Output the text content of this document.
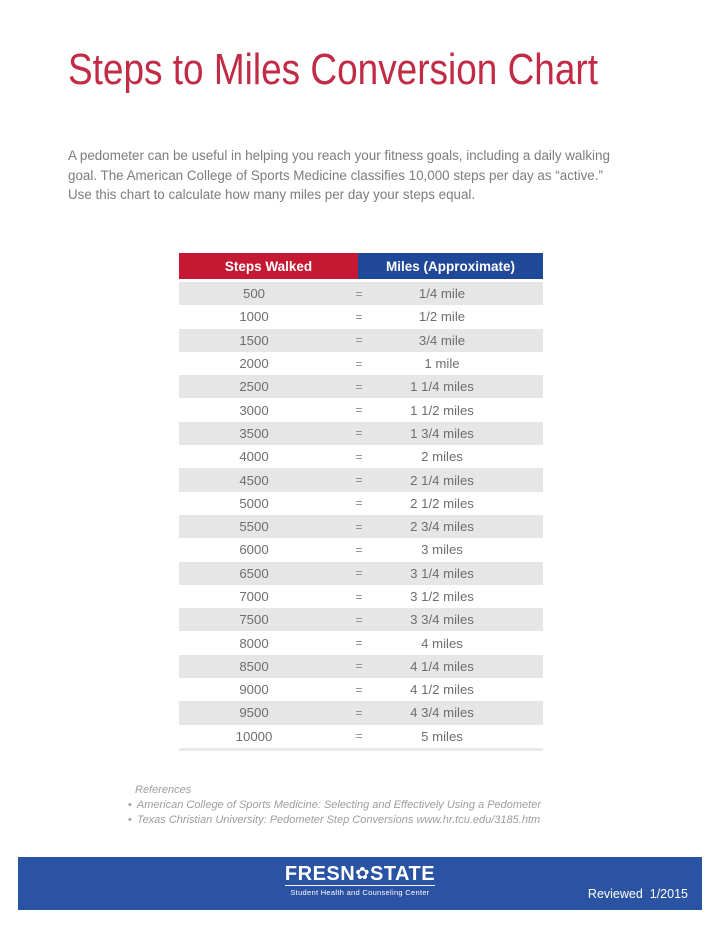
Steps to Miles Conversion Chart
A pedometer can be useful in helping you reach your fitness goals, including a daily walking
goal. The American College of Sports Medicine classifies 10,000 steps per day as “active.”
Use this chart to calculate how many miles per day your steps equal.
Steps Walked	Miles (Approximate)
500	=	1/4 mile
1000	=	1/2 mile
1500	=	3/4 mile
2000	=	1 mile
2500	=	1 1/4 miles
3000	=	1 1/2 miles
3500	=	1 3/4 miles
4000	=	2 miles
4500	=	2 1/4 miles
5000	=	2 1/2 miles
5500	=	2 3/4 miles
6000	=	3 miles
6500	=	3 1/4 miles
7000	=	3 1/2 miles
7500	=	3 3/4 miles
8000	=	4 miles
8500	=	4 1/4 miles
9000	=	4 1/2 miles
9500	=	4 3/4 miles
10000	=	5 miles
References
• American College of Sports Medicine: Selecting and Effectively Using a Pedometer
• Texas Christian University: Pedometer Step Conversions www.hr.tcu.edu/3185.htm
FRESN✿STATE
Student Health and Counseling Center	Reviewed  1/2015
